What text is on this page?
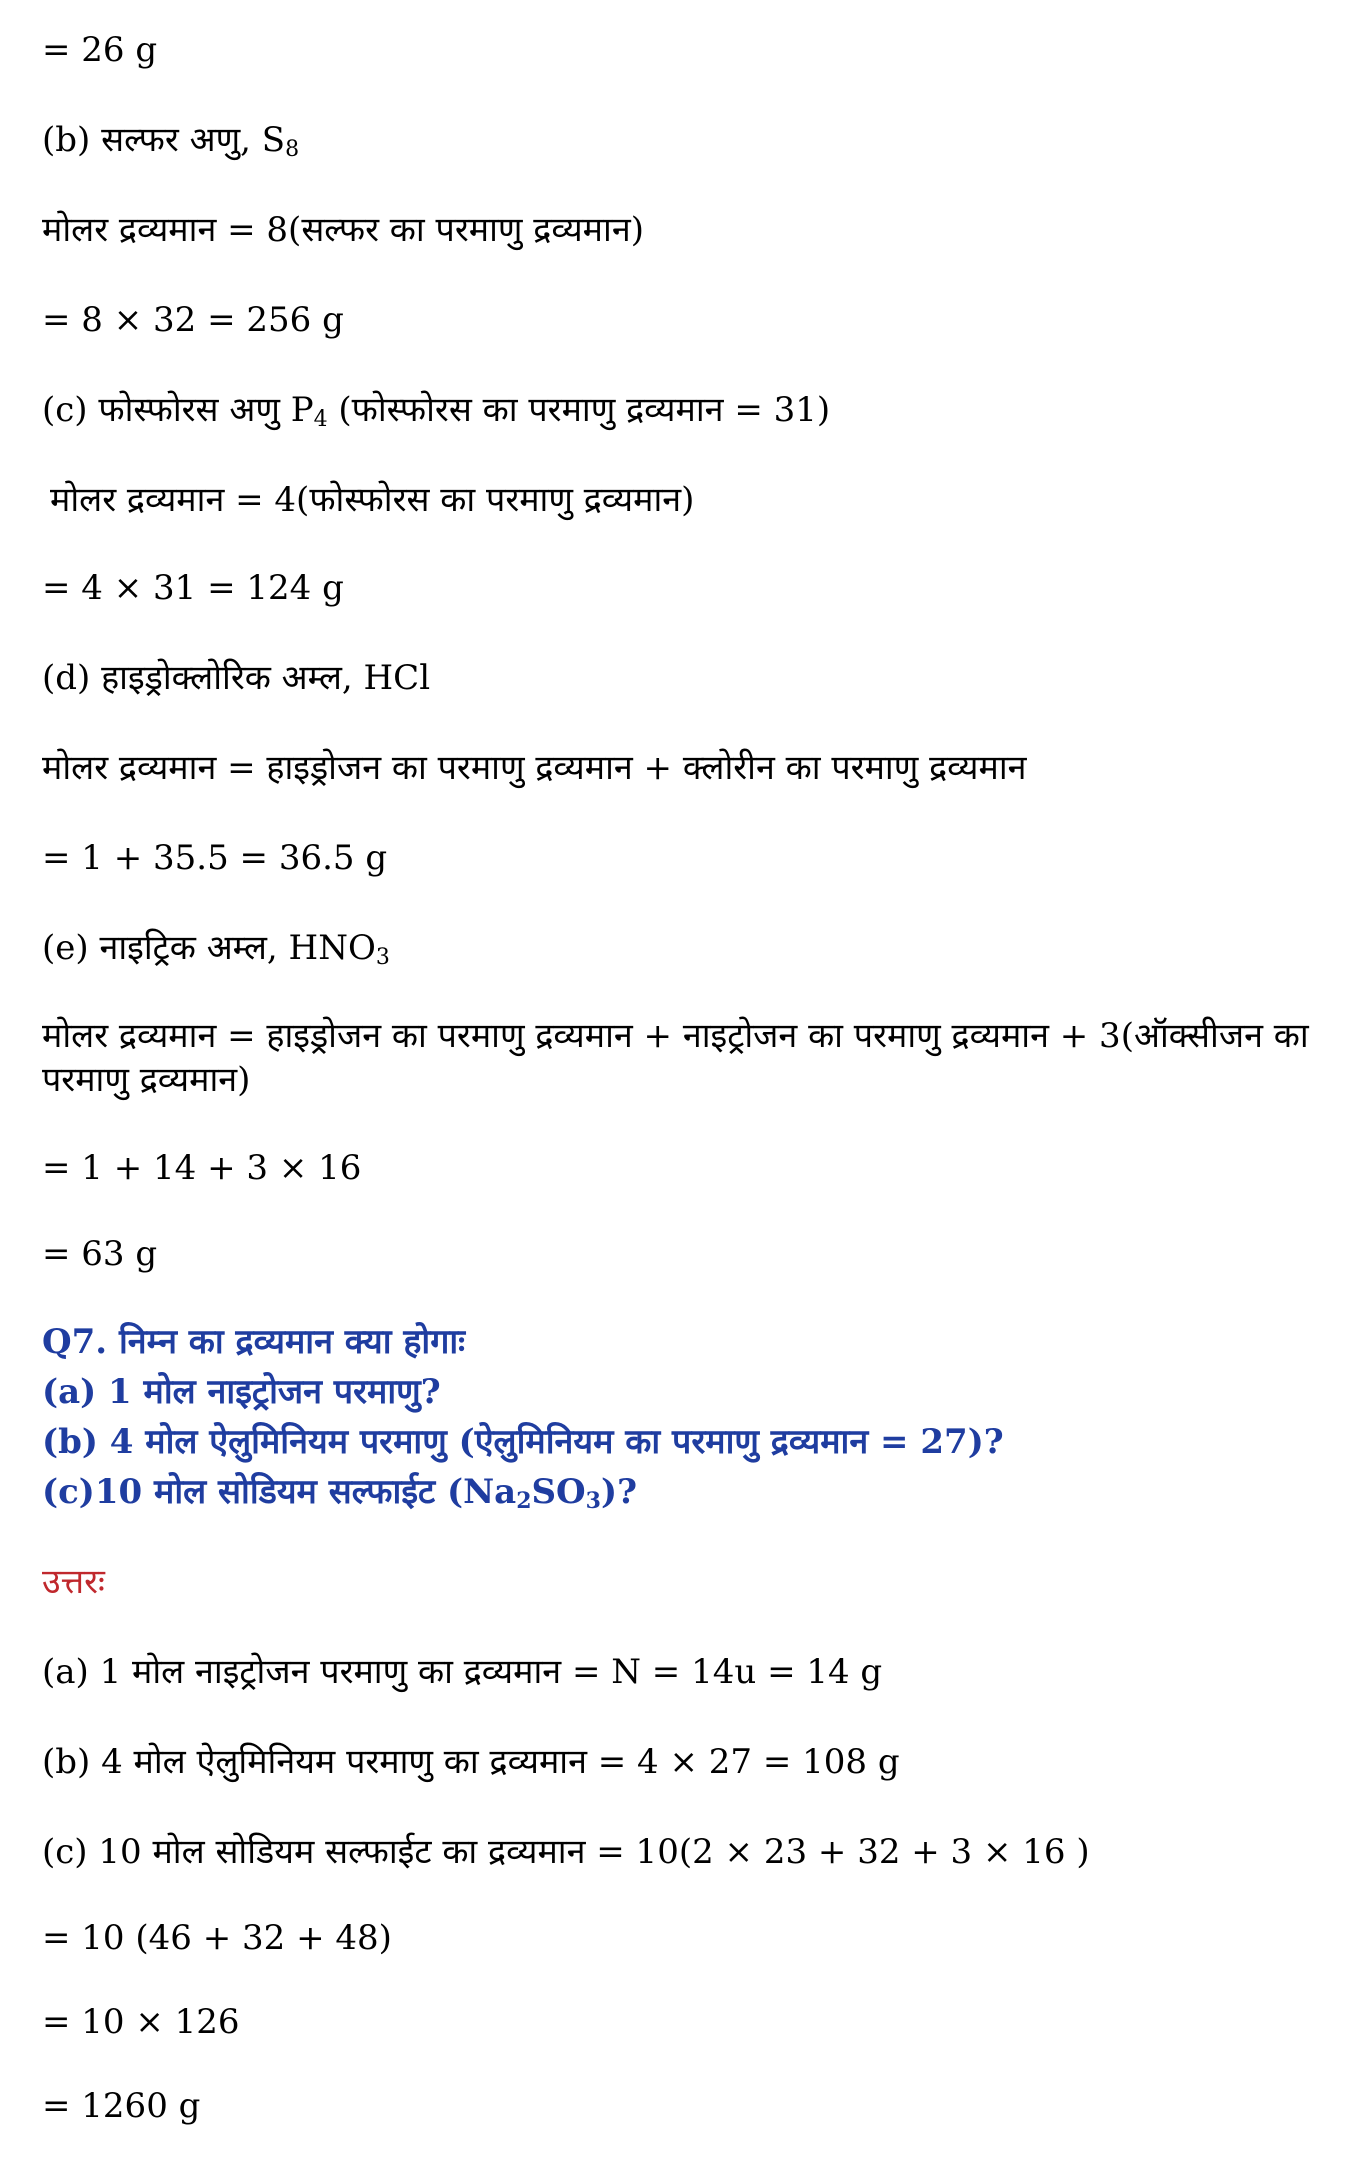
= 26 g
(b) सल्फर अणु, $S_8$
मोलर द्रव्यमान = 8(सल्फर का परमाणु द्रव्यमान)
= 8 × 32 = 256 g
(c) फोस्फोरस अणु $P_4$ (फोस्फोरस का परमाणु द्रव्यमान = 31)
मोलर द्रव्यमान = 4(फोस्फोरस का परमाणु द्रव्यमान)
= 4 × 31 = 124 g
(d) हाइड्रोक्लोरिक अम्ल, HCl
मोलर द्रव्यमान = हाइड्रोजन का परमाणु द्रव्यमान + क्लोरीन का परमाणु द्रव्यमान
= 1 + 35.5 = 36.5 g
(e) नाइट्रिक अम्ल, $HNO_3$
मोलर द्रव्यमान = हाइड्रोजन का परमाणु द्रव्यमान + नाइट्रोजन का परमाणु द्रव्यमान + 3(ऑक्सीजन का परमाणु द्रव्यमान)
= 1 + 14 + 3 × 16
= 63 g
Q7. निम्न का द्रव्यमान क्या होगाः
(a) 1 मोल नाइट्रोजन परमाणु?
(b) 4 मोल ऐलुमिनियम परमाणु (ऐलुमिनियम का परमाणु द्रव्यमान = 27)?
(c)10 मोल सोडियम सल्फाईट $(Na_2SO_3)$?
उत्तरः
(a) 1 मोल नाइट्रोजन परमाणु का द्रव्यमान = N = 14u = 14 g
(b) 4 मोल ऐलुमिनियम परमाणु का द्रव्यमान = 4 × 27 = 108 g
(c) 10 मोल सोडियम सल्फाईट का द्रव्यमान = 10(2 × 23 + 32 + 3 × 16 )
= 10 (46 + 32 + 48)
= 10 × 126
= 1260 g
